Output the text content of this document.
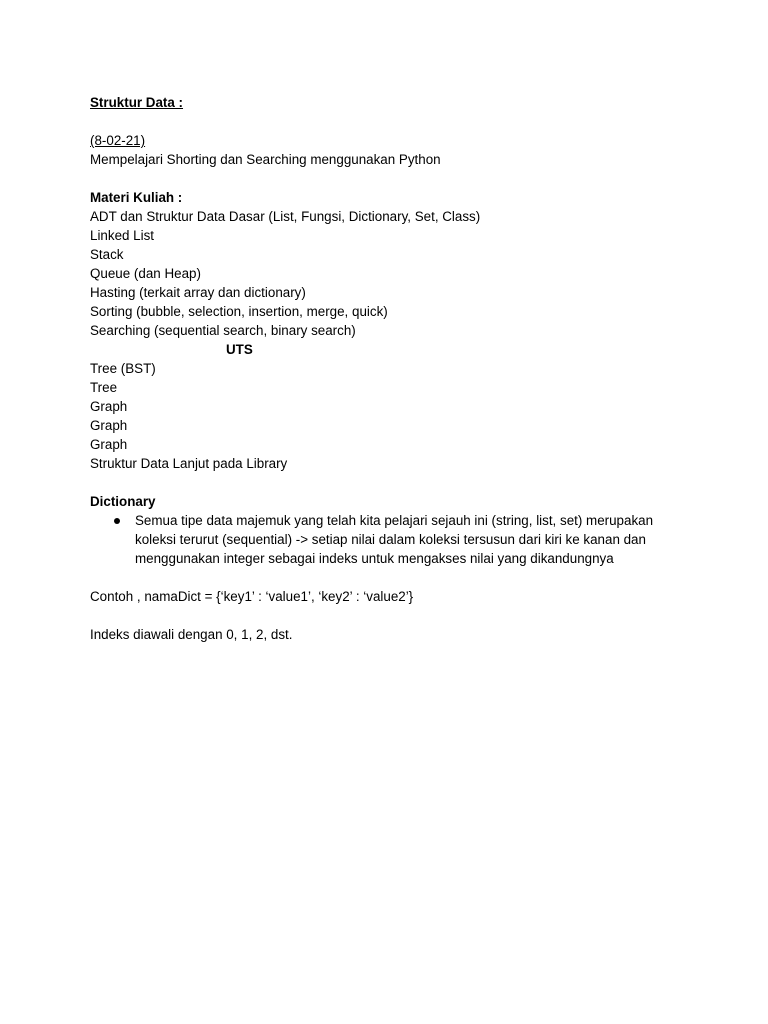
Struktur Data :
(8-02-21)
Mempelajari Shorting dan Searching menggunakan Python
Materi Kuliah :
ADT dan Struktur Data Dasar (List, Fungsi, Dictionary, Set, Class)
Linked List
Stack
Queue (dan Heap)
Hasting (terkait array dan dictionary)
Sorting (bubble, selection, insertion, merge, quick)
Searching (sequential search, binary search)
UTS
Tree (BST)
Tree
Graph
Graph
Graph
Struktur Data Lanjut pada Library
Dictionary
Semua tipe data majemuk yang telah kita pelajari sejauh ini (string, list, set) merupakan koleksi terurut (sequential) -> setiap nilai dalam koleksi tersusun dari kiri ke kanan dan menggunakan integer sebagai indeks untuk mengakses nilai yang dikandungnya
Contoh , namaDict = {‘key1’ : ‘value1’, ‘key2’ : ‘value2’}
Indeks diawali dengan 0, 1, 2, dst.
